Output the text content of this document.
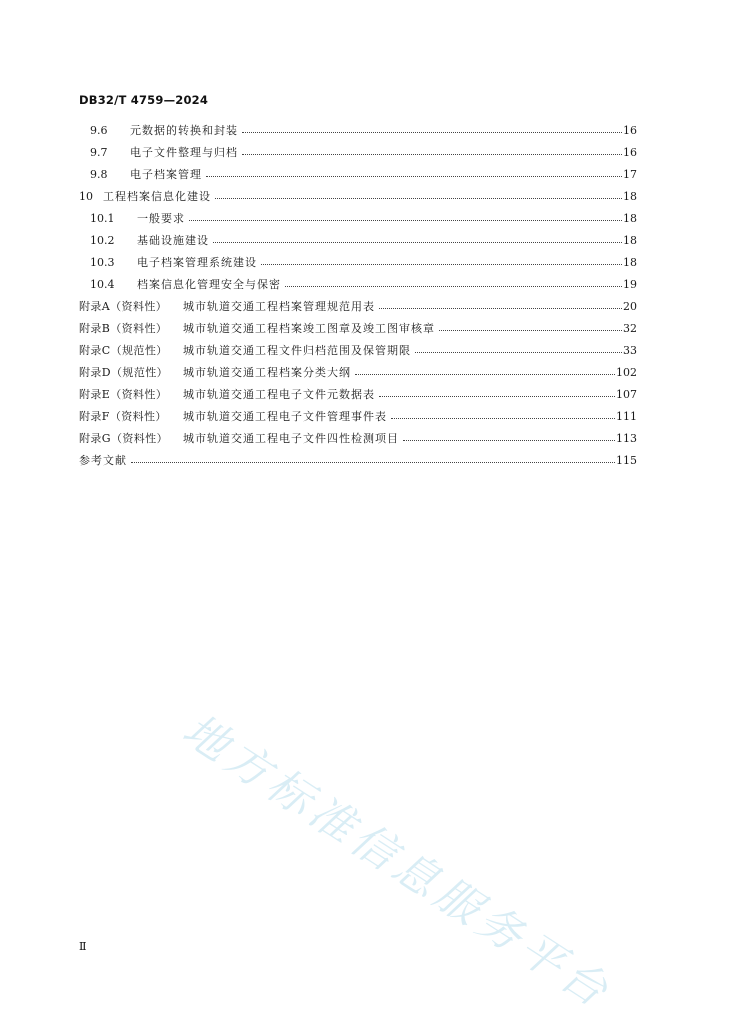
DB32/T 4759—2024
9.6	元数据的转换和封装	16
9.7	电子文件整理与归档	16
9.8	电子档案管理	17
10 工程档案信息化建设	18
10.1	一般要求	18
10.2	基础设施建设	18
10.3	电子档案管理系统建设	18
10.4	档案信息化管理安全与保密	19
附录A（资料性）	城市轨道交通工程档案管理规范用表	20
附录B（资料性）	城市轨道交通工程档案竣工图章及竣工图审核章	32
附录C（规范性）	城市轨道交通工程文件归档范围及保管期限	33
附录D（规范性）	城市轨道交通工程档案分类大纲	102
附录E（资料性）	城市轨道交通工程电子文件元数据表	107
附录F（资料性）	城市轨道交通工程电子文件管理事件表	111
附录G（资料性）	城市轨道交通工程电子文件四性检测项目	113
参考文献	115
地方标准信息服务平台
Ⅱ
